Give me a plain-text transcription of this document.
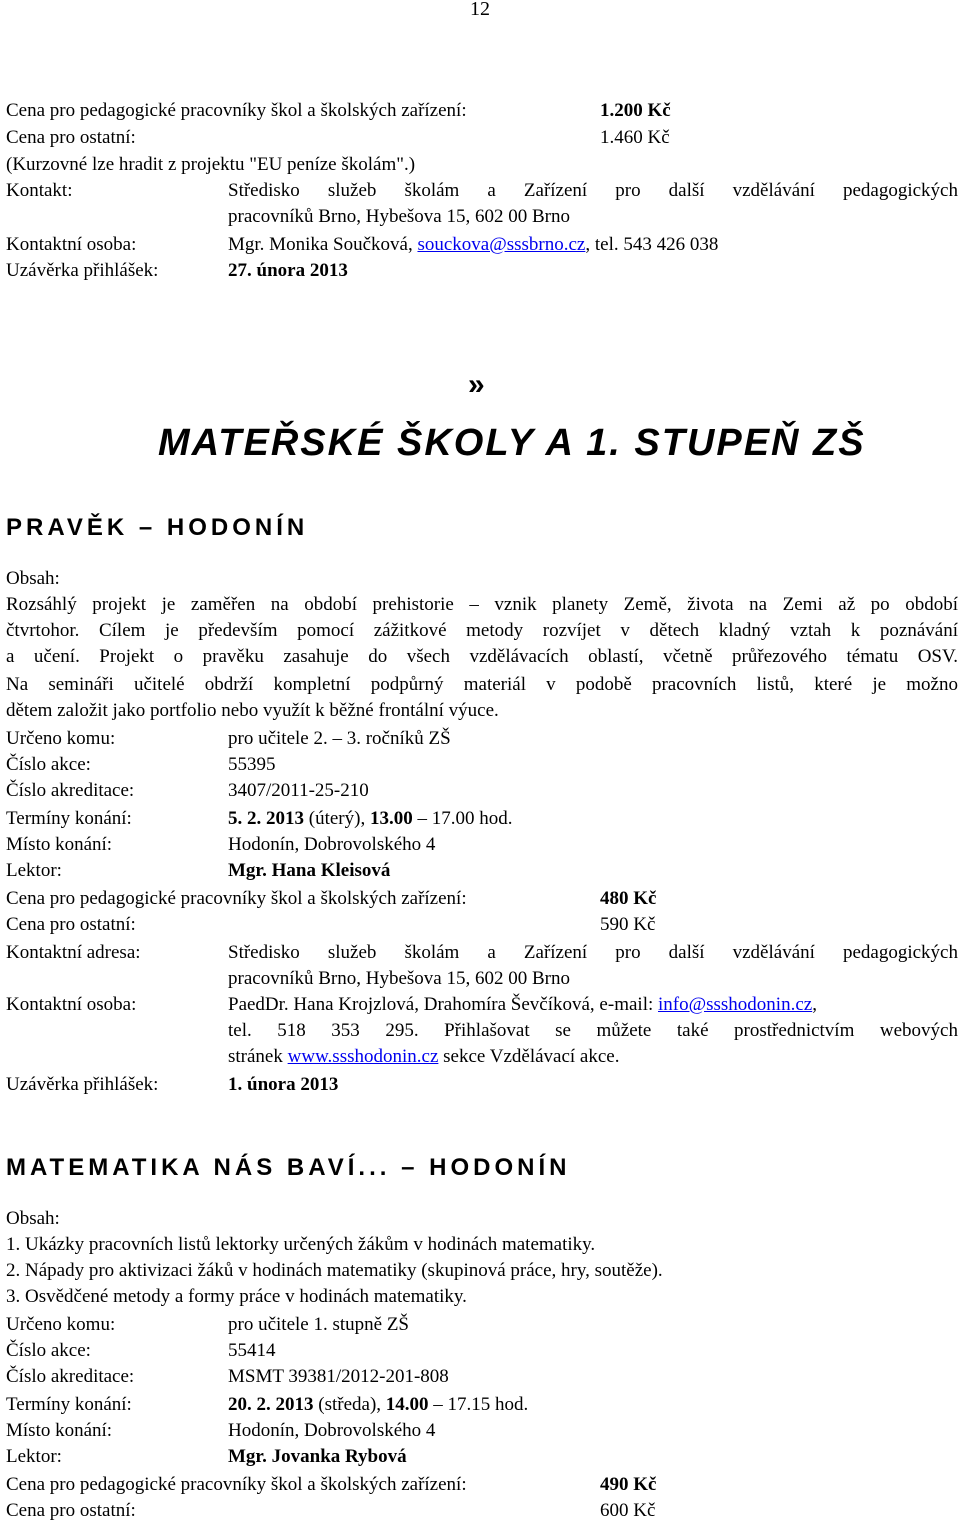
12
Cena pro pedagogické pracovníky škol a školských zařízení:	1.200 Kč
Cena pro ostatní:	1.460 Kč
(Kurzovné lze hradit z projektu "EU peníze školám".)
Kontakt:	Středisko služeb školám a Zařízení pro další vzdělávání pedagogických
pracovníků Brno, Hybešova 15, 602 00 Brno
Kontaktní osoba:	Mgr. Monika Součková, souckova@sssbrno.cz, tel. 543 426 038
Uzávěrka přihlášek:	27. února 2013
»
MATEŘSKÉ ŠKOLY A 1. STUPEŇ ZŠ
PRAVĚK – HODONÍN
Obsah:
Rozsáhlý projekt je zaměřen na období prehistorie – vznik planety Země, života na Zemi až po období
čtvrtohor. Cílem je především pomocí zážitkové metody rozvíjet v dětech kladný vztah k poznávání
a učení. Projekt o pravěku zasahuje do všech vzdělávacích oblastí, včetně průřezového tématu OSV.
Na semináři učitelé obdrží kompletní podpůrný materiál v podobě pracovních listů, které je možno
dětem založit jako portfolio nebo využít k běžné frontální výuce.
Určeno komu:	pro učitele 2. – 3. ročníků ZŠ
Číslo akce:	55395
Číslo akreditace:	3407/2011-25-210
Termíny konání:	5. 2. 2013 (úterý), 13.00 – 17.00 hod.
Místo konání:	Hodonín, Dobrovolského 4
Lektor:	Mgr. Hana Kleisová
Cena pro pedagogické pracovníky škol a školských zařízení:	480 Kč
Cena pro ostatní:	590 Kč
Kontaktní adresa:	Středisko služeb školám a Zařízení pro další vzdělávání pedagogických
pracovníků Brno, Hybešova 15, 602 00 Brno
Kontaktní osoba:	PaedDr. Hana Krojzlová, Drahomíra Ševčíková, e-mail: info@ssshodonin.cz,
tel. 518 353 295. Přihlašovat se můžete také prostřednictvím webových
stránek www.ssshodonin.cz sekce Vzdělávací akce.
Uzávěrka přihlášek:	1. února 2013
MATEMATIKA NÁS BAVÍ... – HODONÍN
Obsah:
1. Ukázky pracovních listů lektorky určených žákům v hodinách matematiky.
2. Nápady pro aktivizaci žáků v hodinách matematiky (skupinová práce, hry, soutěže).
3. Osvědčené metody a formy práce v hodinách matematiky.
Určeno komu:	pro učitele 1. stupně ZŠ
Číslo akce:	55414
Číslo akreditace:	MSMT 39381/2012-201-808
Termíny konání:	20. 2. 2013 (středa), 14.00 – 17.15 hod.
Místo konání:	Hodonín, Dobrovolského 4
Lektor:	Mgr. Jovanka Rybová
Cena pro pedagogické pracovníky škol a školských zařízení:	490 Kč
Cena pro ostatní:	600 Kč
